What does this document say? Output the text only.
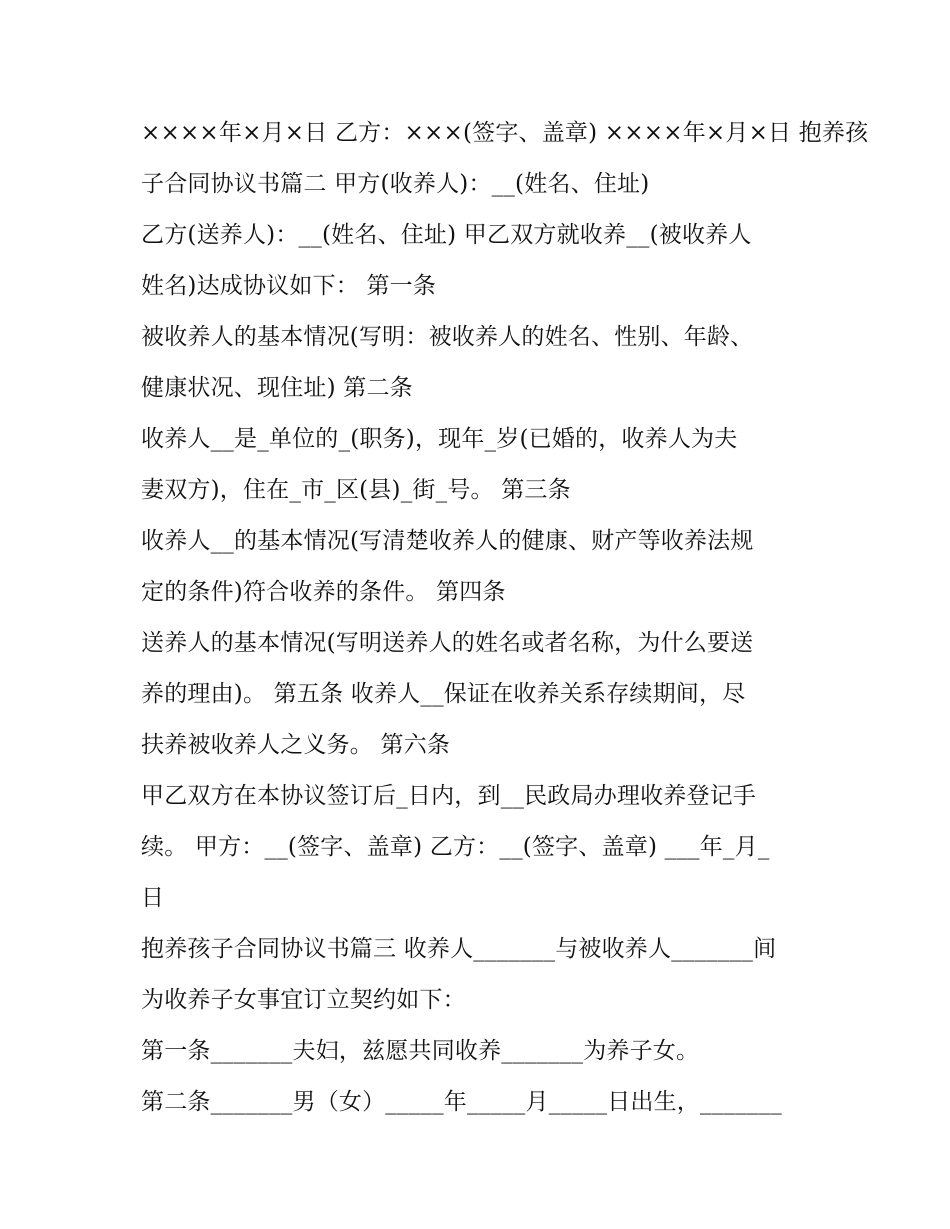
××××年×月×日 乙方：×××(签字、盖章) ××××年×月×日 抱养孩
子合同协议书篇二 甲方(收养人)：__(姓名、住址)
乙方(送养人)：__(姓名、住址) 甲乙双方就收养__(被收养人
姓名)达成协议如下： 第一条
被收养人的基本情况(写明：被收养人的姓名、性别、年龄、
健康状况、现住址) 第二条
收养人__是_单位的_(职务)，现年_岁(已婚的，收养人为夫
妻双方)，住在_市_区(县)_街_号。 第三条
收养人__的基本情况(写清楚收养人的健康、财产等收养法规
定的条件)符合收养的条件。 第四条
送养人的基本情况(写明送养人的姓名或者名称，为什么要送
养的理由)。 第五条 收养人__保证在收养关系存续期间，尽
扶养被收养人之义务。 第六条
甲乙双方在本协议签订后_日内，到__民政局办理收养登记手
续。 甲方：__(签字、盖章) 乙方：__(签字、盖章) ___年_月_
日
抱养孩子合同协议书篇三 收养人_______与被收养人_______间
为收养子女事宜订立契约如下：
第一条_______夫妇，兹愿共同收养_______为养子女。
第二条_______男（女）_____年_____月_____日出生，_______
